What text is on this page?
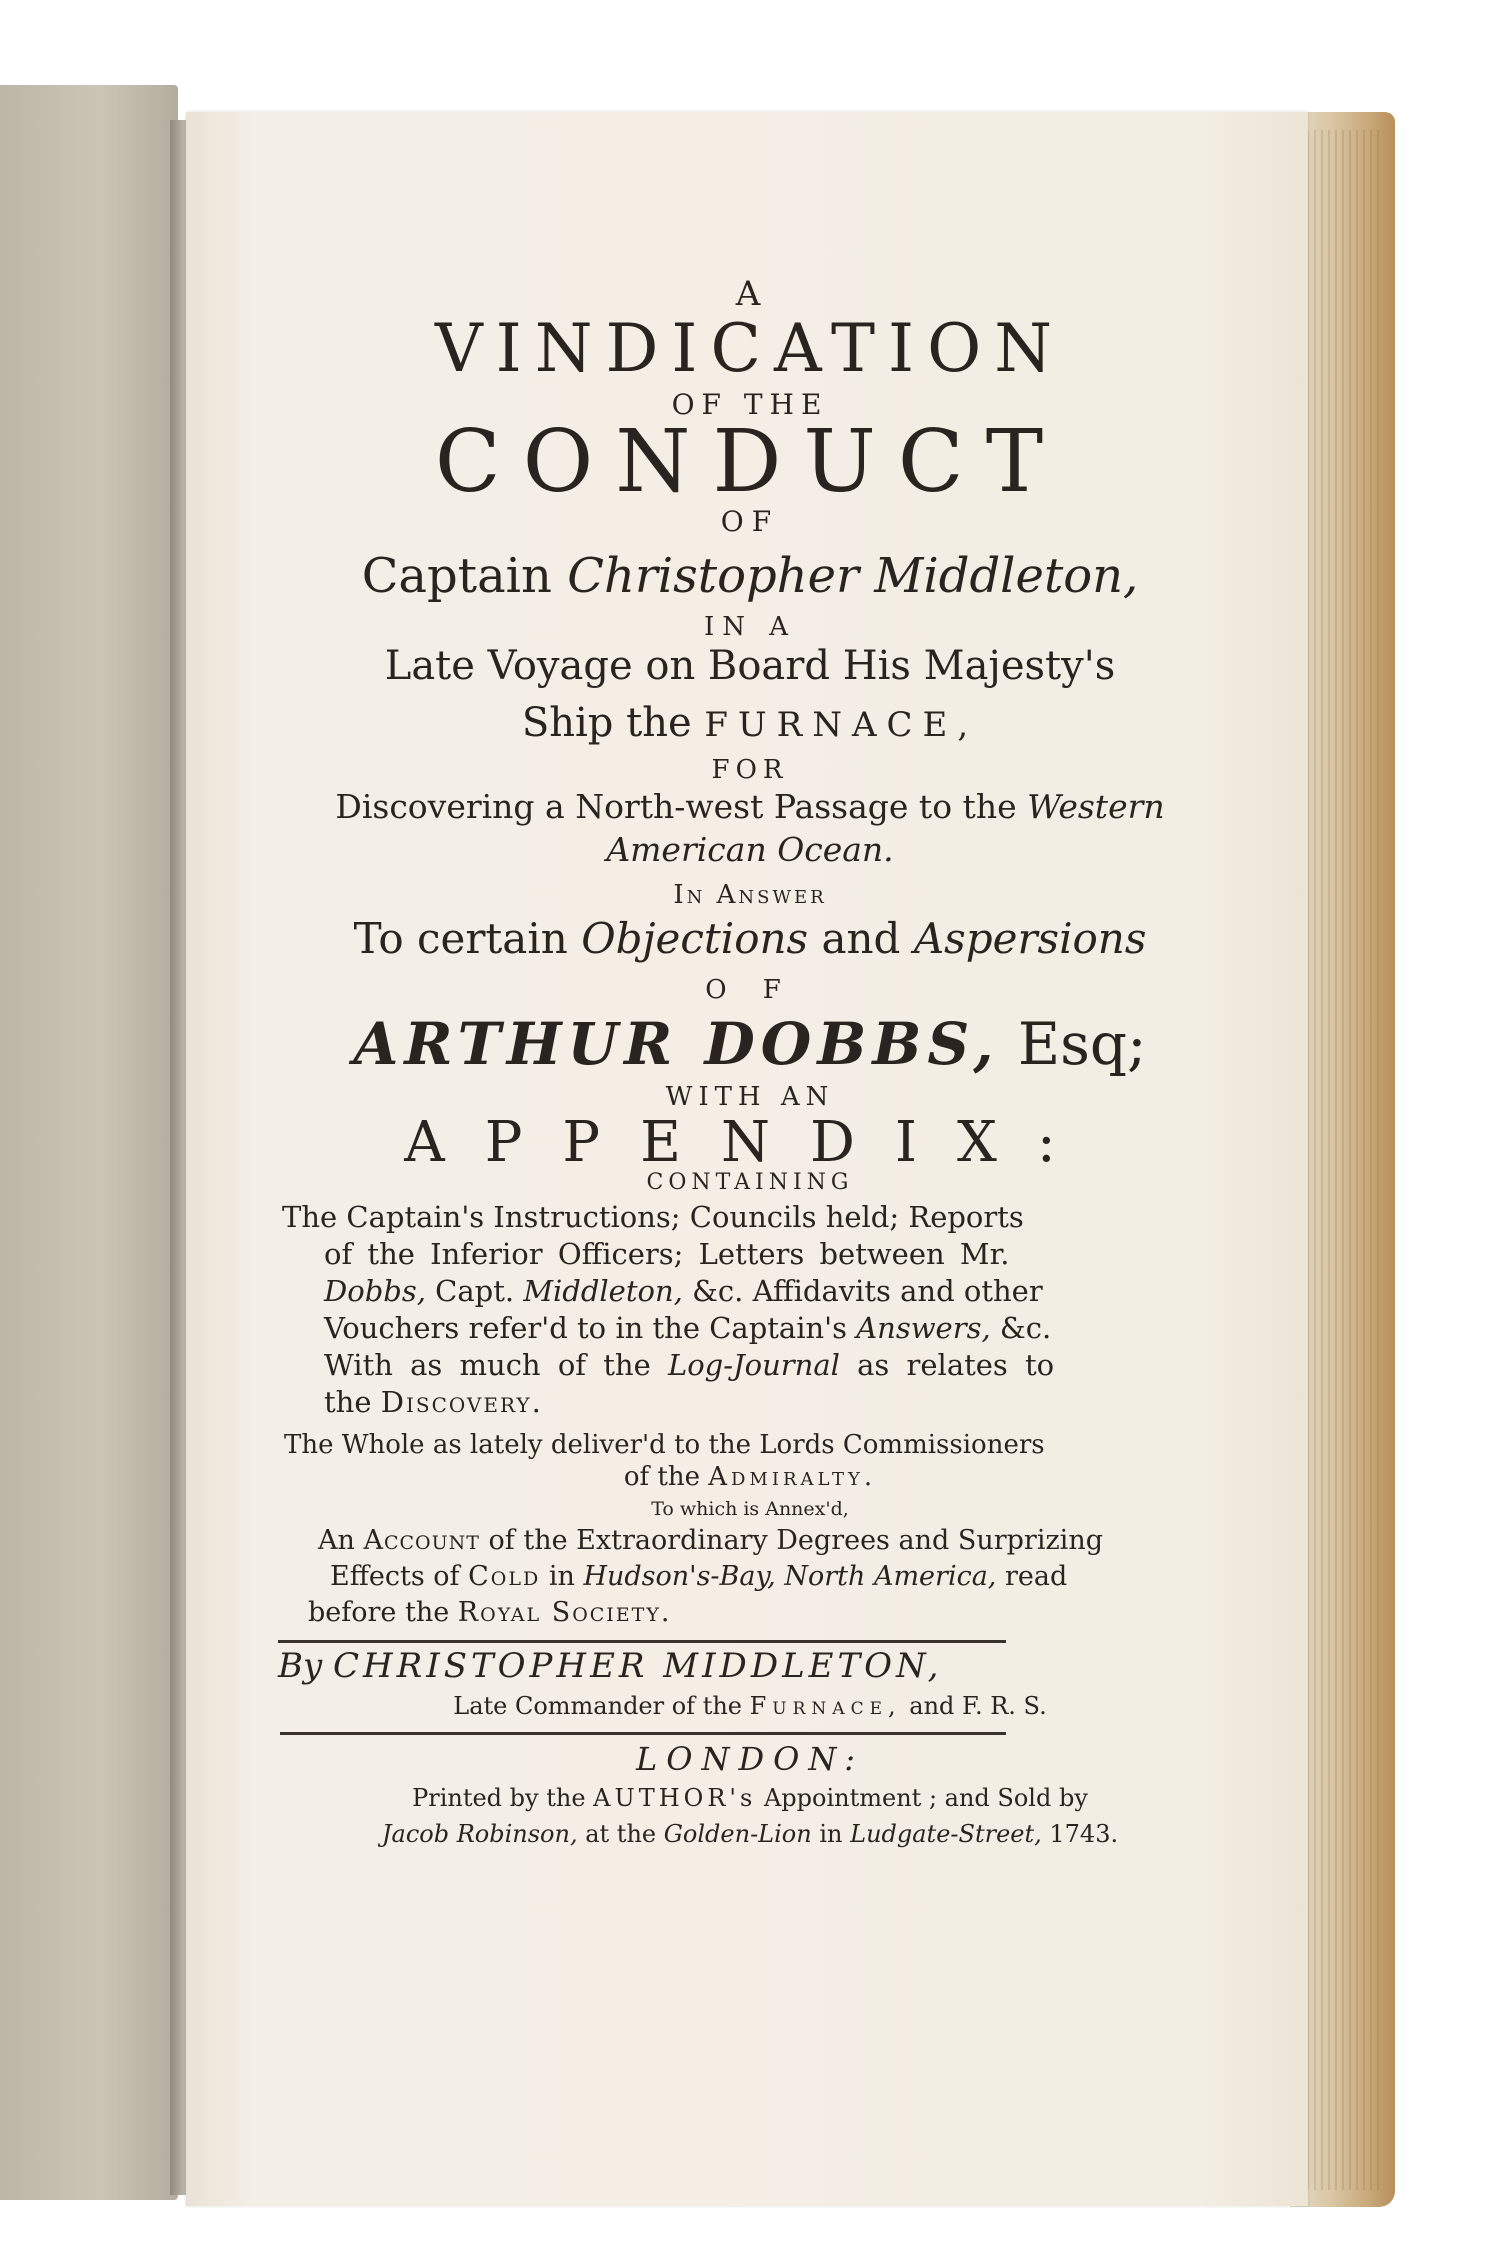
A
VINDICATION
OF THE
CONDUCT
OF
Captain Christopher Middleton,
IN A
Late Voyage on Board His Majesty's
Ship the FURNACE,
FOR
Discovering a North-west Passage to the Western
American Ocean.
In Answer
To certain Objections and Aspersions
O F
ARTHUR DOBBS, Esq;
WITH AN
APPENDIX:
CONTAINING
The Captain's Instructions; Councils held; Reports
of the Inferior Officers; Letters between Mr.
Dobbs, Capt. Middleton, &c. Affidavits and other
Vouchers refer'd to in the Captain's Answers, &c.
With as much of the Log-Journal as relates to
the Discovery.
The Whole as lately deliver'd to the Lords Commissioners
of the Admiralty.
To which is Annex'd,
An Account of the Extraordinary Degrees and Surprizing
Effects of Cold in Hudson's-Bay, North America, read
before the Royal Society.
By CHRISTOPHER MIDDLETON,
Late Commander of the Furnace, and F. R. S.
LONDON:
Printed by the AUTHOR's Appointment ; and Sold by
Jacob Robinson, at the Golden-Lion in Ludgate-Street, 1743.
